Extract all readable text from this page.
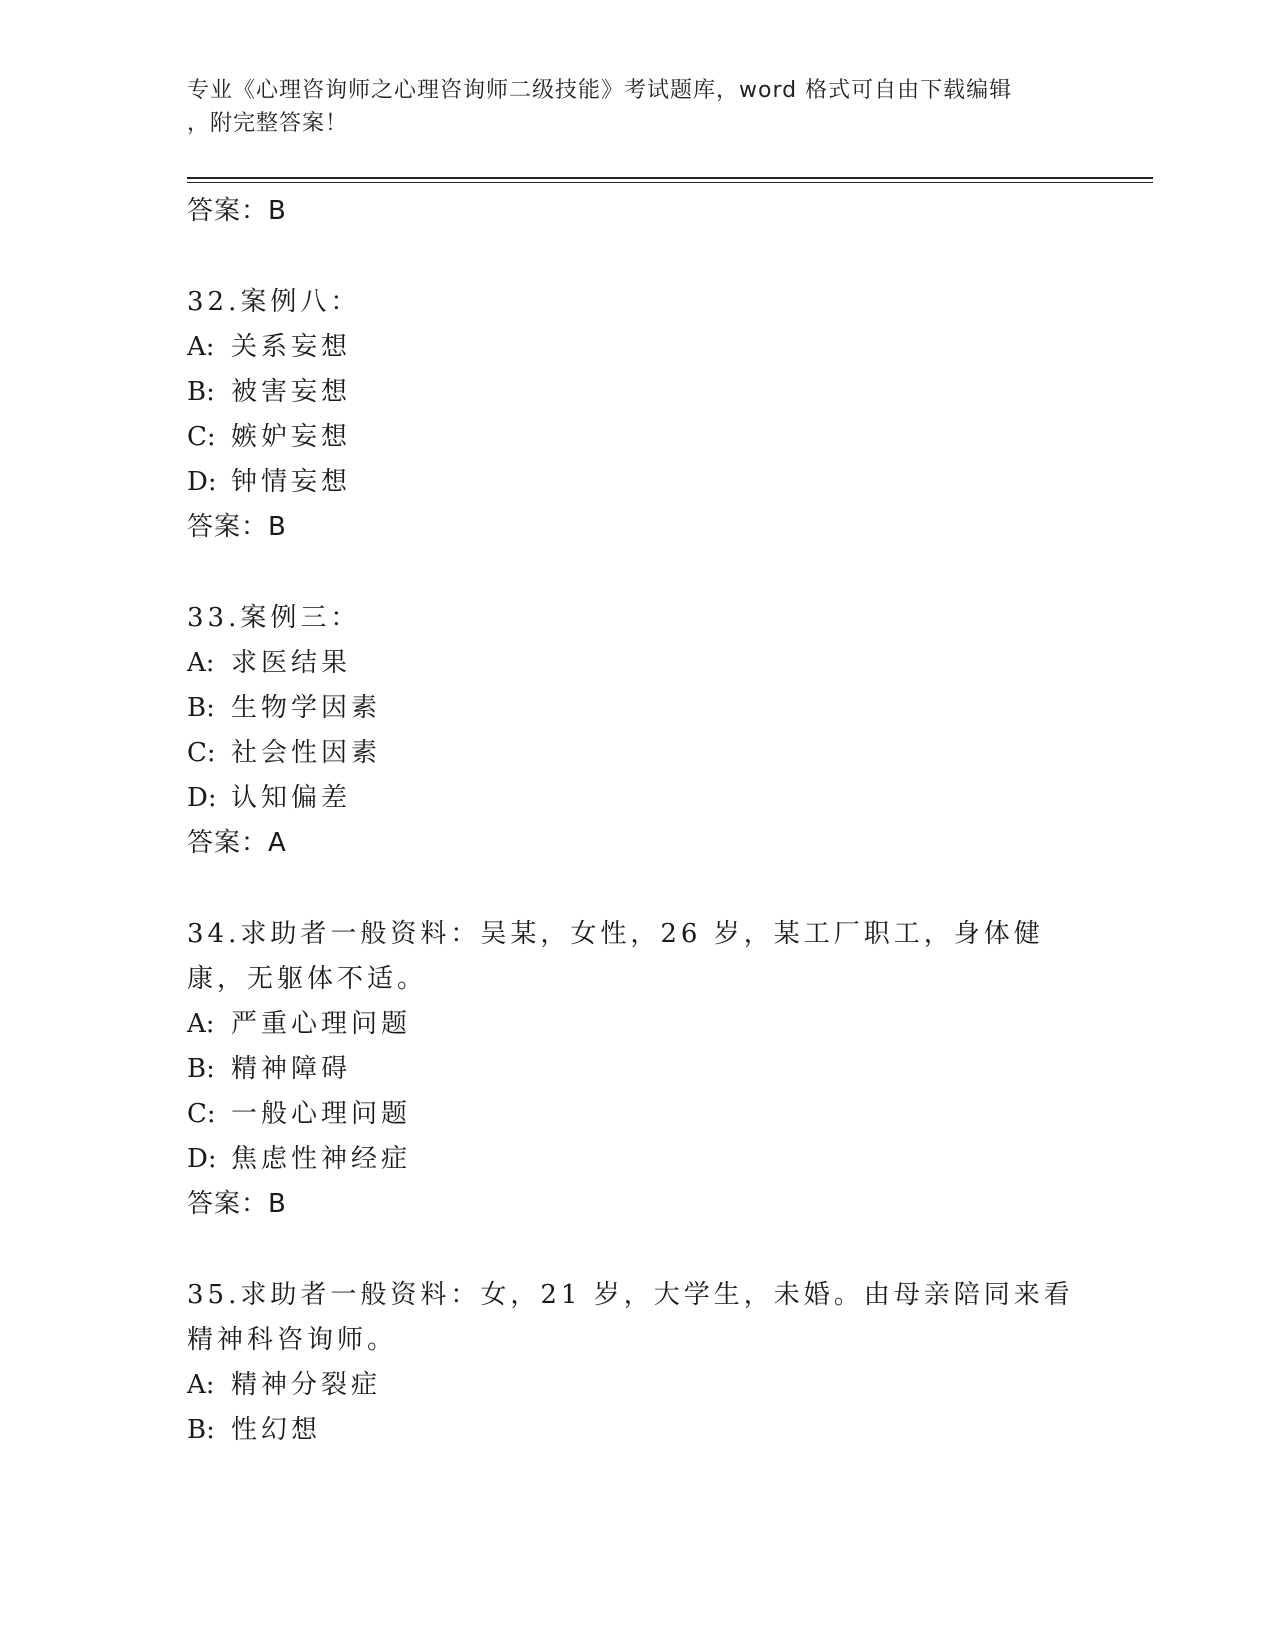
专业《心理咨询师之心理咨询师二级技能》考试题库，word 格式可自由下载编辑
，附完整答案！
答案：B
32.案例八：
A: 关系妄想
B: 被害妄想
C: 嫉妒妄想
D: 钟情妄想
答案：B
33.案例三：
A: 求医结果
B: 生物学因素
C: 社会性因素
D: 认知偏差
答案：A
34.求助者一般资料：吴某，女性，26 岁，某工厂职工，身体健康，无躯体不适。
A: 严重心理问题
B: 精神障碍
C: 一般心理问题
D: 焦虑性神经症
答案：B
35.求助者一般资料：女，21 岁，大学生，未婚。由母亲陪同来看精神科咨询师。
A: 精神分裂症
B: 性幻想
